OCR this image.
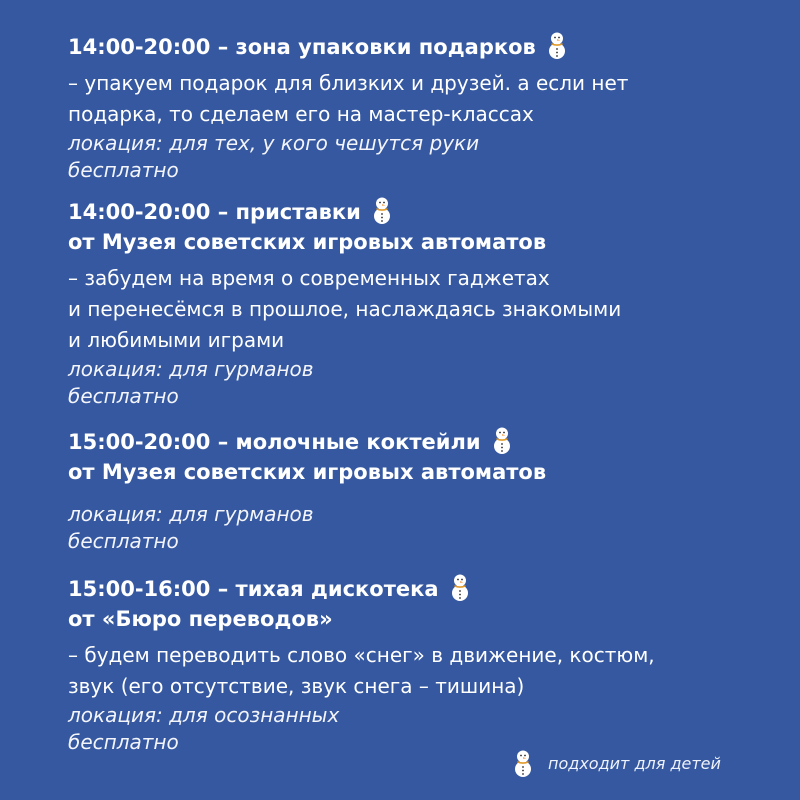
14:00-20:00 – зона упаковки подарков
– упакуем подарок для близких и друзей. а если нет
подарка, то сделаем его на мастер-классах
локация: для тех, у кого чешутся руки
бесплатно
14:00-20:00 – приставки
от Музея советских игровых автоматов
– забудем на время о современных гаджетах
и перенесёмся в прошлое, наслаждаясь знакомыми
и любимыми играми
локация: для гурманов
бесплатно
15:00-20:00 – молочные коктейли
от Музея советских игровых автоматов
локация: для гурманов
бесплатно
15:00-16:00 – тихая дискотека
от «Бюро переводов»
– будем переводить слово «снег» в движение, костюм,
звук (его отсутствие, звук снега – тишина)
локация: для осознанных
бесплатно
подходит для детей
